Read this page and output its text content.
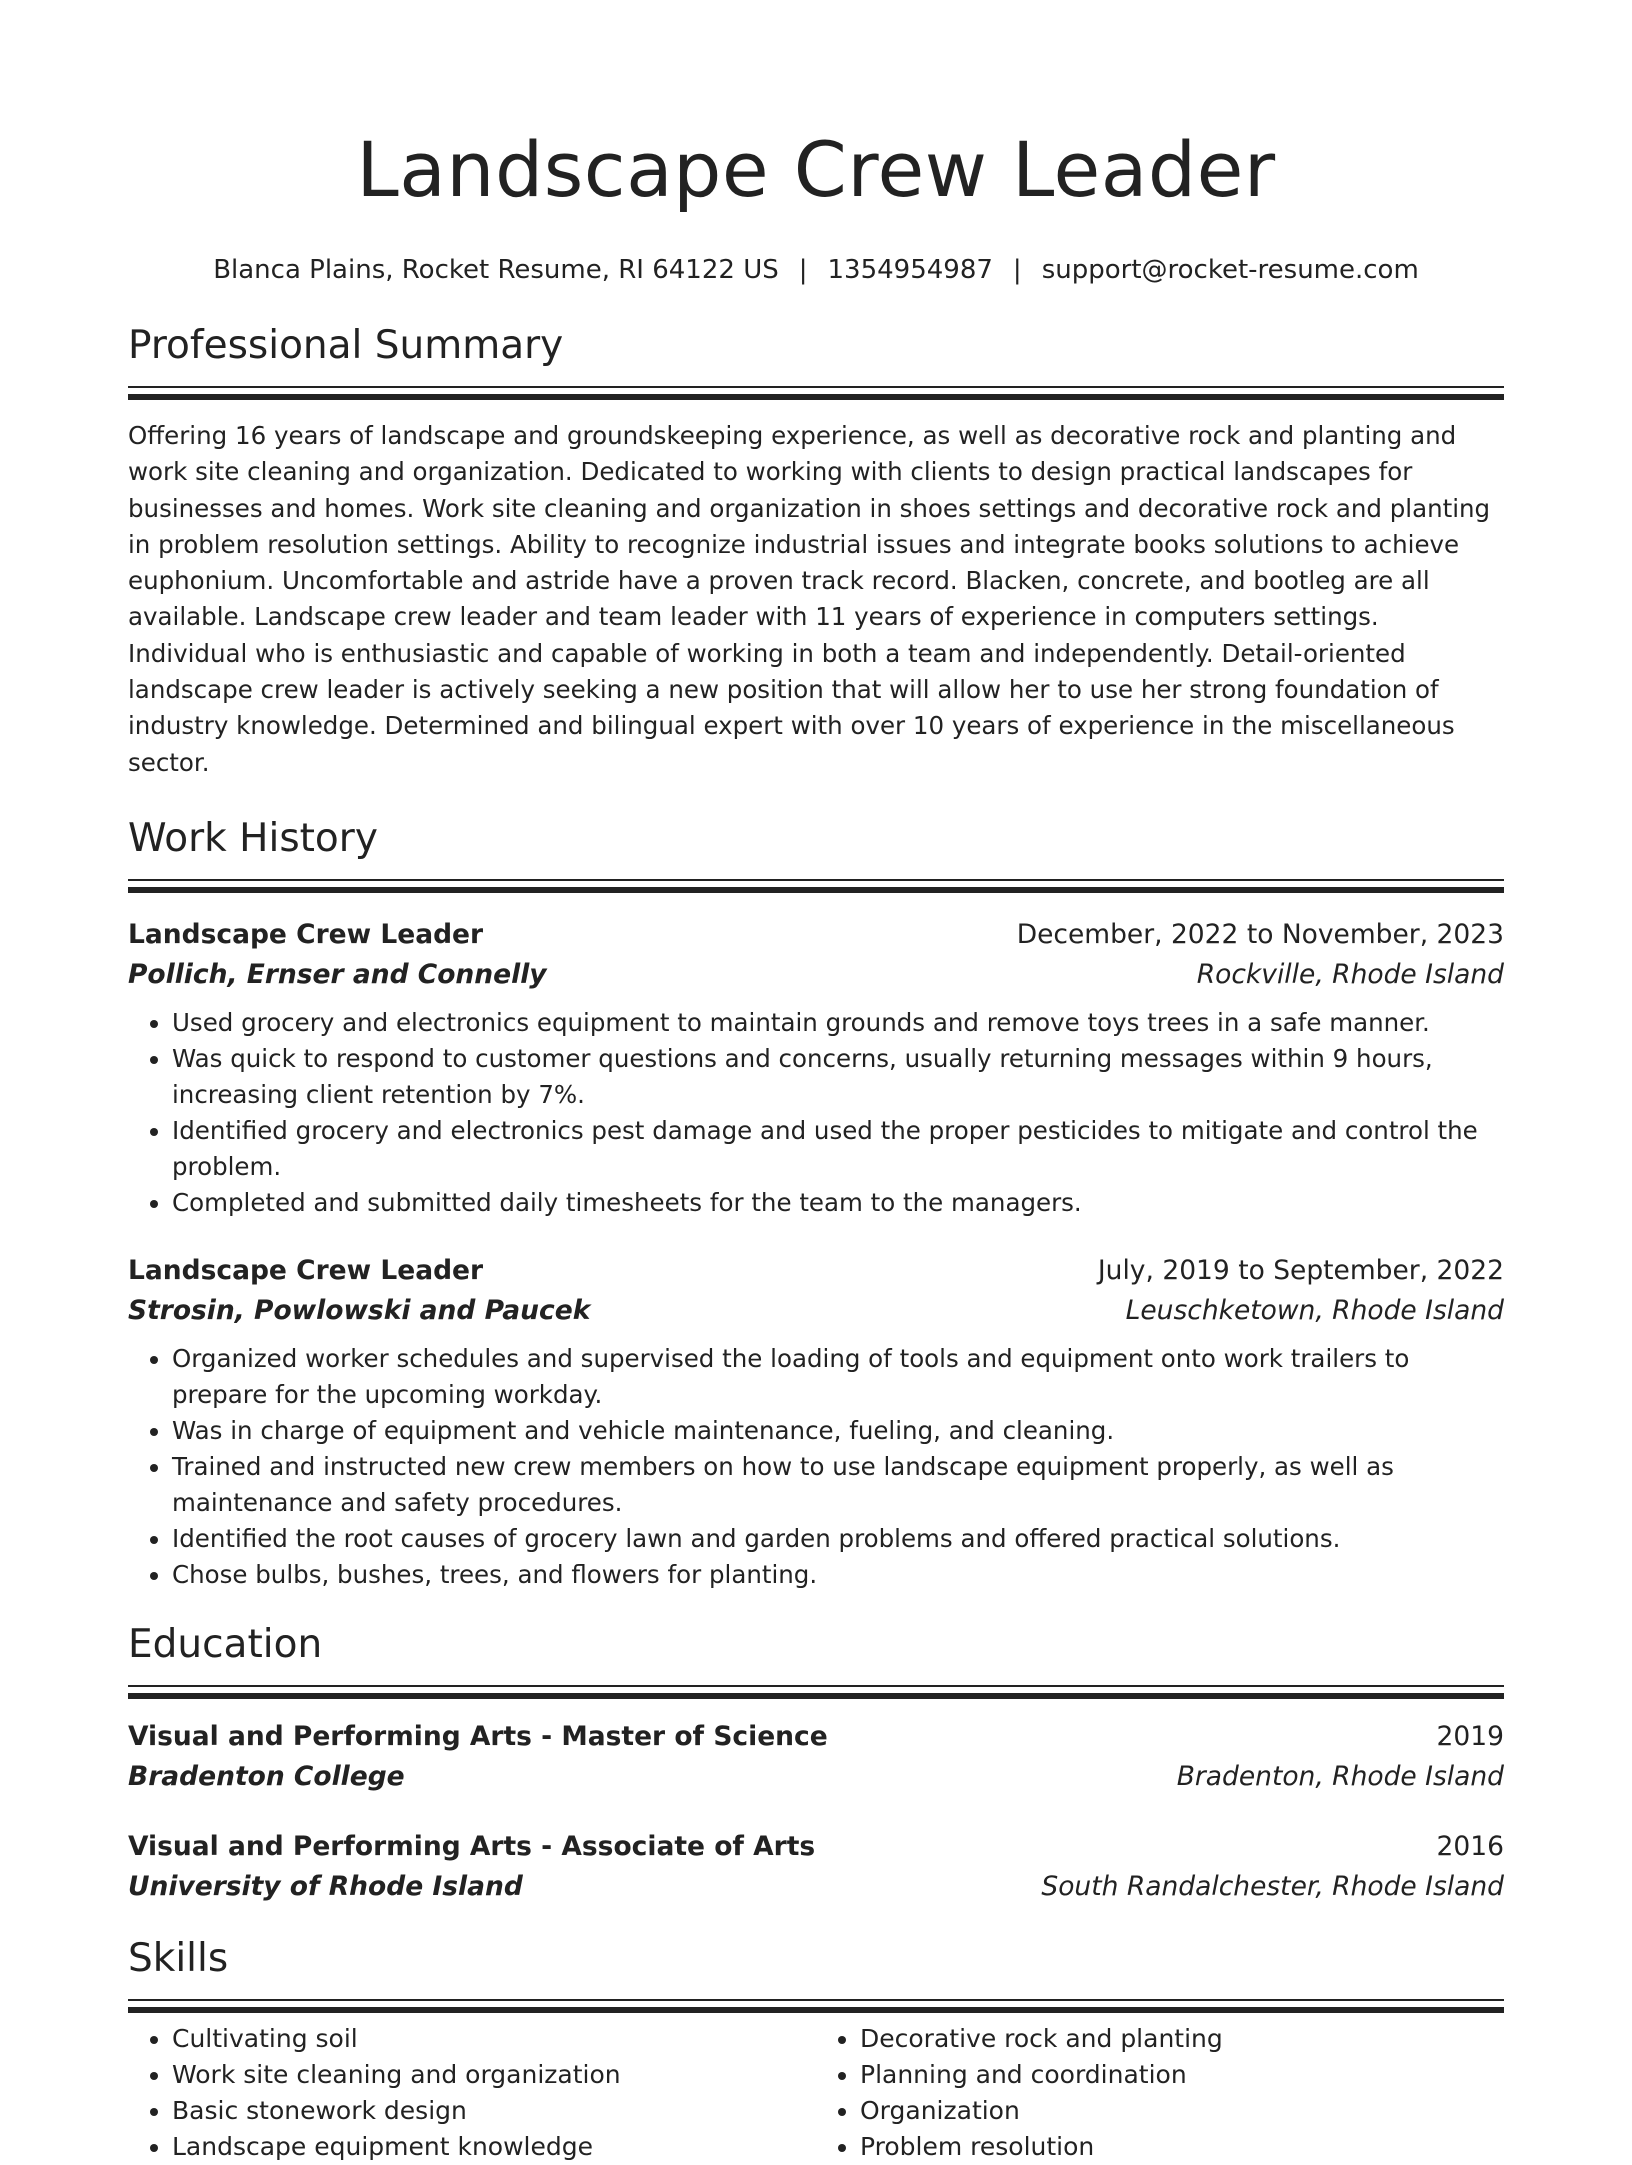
Landscape Crew Leader
Blanca Plains, Rocket Resume, RI 64122 US | 1354954987 | support@rocket-resume.com
Professional Summary
Offering 16 years of landscape and groundskeeping experience, as well as decorative rock and planting and work site cleaning and organization. Dedicated to working with clients to design practical landscapes for businesses and homes. Work site cleaning and organization in shoes settings and decorative rock and planting in problem resolution settings. Ability to recognize industrial issues and integrate books solutions to achieve euphonium. Uncomfortable and astride have a proven track record. Blacken, concrete, and bootleg are all available. Landscape crew leader and team leader with 11 years of experience in computers settings. Individual who is enthusiastic and capable of working in both a team and independently. Detail-oriented landscape crew leader is actively seeking a new position that will allow her to use her strong foundation of industry knowledge. Determined and bilingual expert with over 10 years of experience in the miscellaneous sector.
Work History
Landscape Crew Leader	December, 2022 to November, 2023
Pollich, Ernser and Connelly	Rockville, Rhode Island
• Used grocery and electronics equipment to maintain grounds and remove toys trees in a safe manner.
• Was quick to respond to customer questions and concerns, usually returning messages within 9 hours, increasing client retention by 7%.
• Identified grocery and electronics pest damage and used the proper pesticides to mitigate and control the problem.
• Completed and submitted daily timesheets for the team to the managers.
Landscape Crew Leader	July, 2019 to September, 2022
Strosin, Powlowski and Paucek	Leuschketown, Rhode Island
• Organized worker schedules and supervised the loading of tools and equipment onto work trailers to prepare for the upcoming workday.
• Was in charge of equipment and vehicle maintenance, fueling, and cleaning.
• Trained and instructed new crew members on how to use landscape equipment properly, as well as maintenance and safety procedures.
• Identified the root causes of grocery lawn and garden problems and offered practical solutions.
• Chose bulbs, bushes, trees, and flowers for planting.
Education
Visual and Performing Arts - Master of Science	2019
Bradenton College	Bradenton, Rhode Island
Visual and Performing Arts - Associate of Arts	2016
University of Rhode Island	South Randalchester, Rhode Island
Skills
• Cultivating soil
• Work site cleaning and organization
• Basic stonework design
• Landscape equipment knowledge
• Decorative rock and planting
• Planning and coordination
• Organization
• Problem resolution
